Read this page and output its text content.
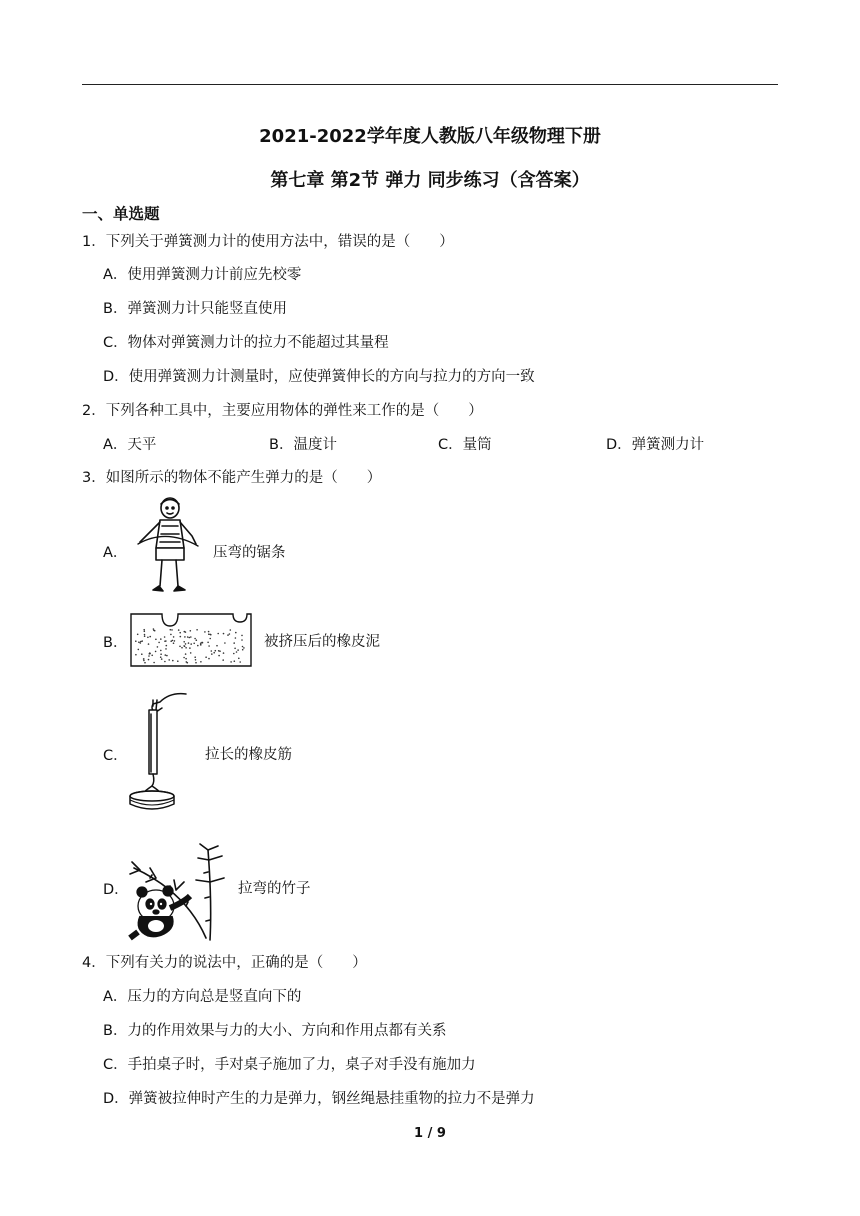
2021-2022学年度人教版八年级物理下册
第七章 第2节 弹力 同步练习（含答案）
一、单选题
1．下列关于弹簧测力计的使用方法中，错误的是（　　）
A．使用弹簧测力计前应先校零
B．弹簧测力计只能竖直使用
C．物体对弹簧测力计的拉力不能超过其量程
D．使用弹簧测力计测量时，应使弹簧伸长的方向与拉力的方向一致
2．下列各种工具中，主要应用物体的弹性来工作的是（　　）
A．天平	B．温度计	C．量筒	D．弹簧测力计
3．如图所示的物体不能产生弹力的是（　　）
A．	压弯的锯条
B．	被挤压后的橡皮泥
C．	拉长的橡皮筋
D．	拉弯的竹子
4．下列有关力的说法中，正确的是（　　）
A．压力的方向总是竖直向下的
B．力的作用效果与力的大小、方向和作用点都有关系
C．手拍桌子时，手对桌子施加了力，桌子对手没有施加力
D．弹簧被拉伸时产生的力是弹力，钢丝绳悬挂重物的拉力不是弹力
1 / 9
